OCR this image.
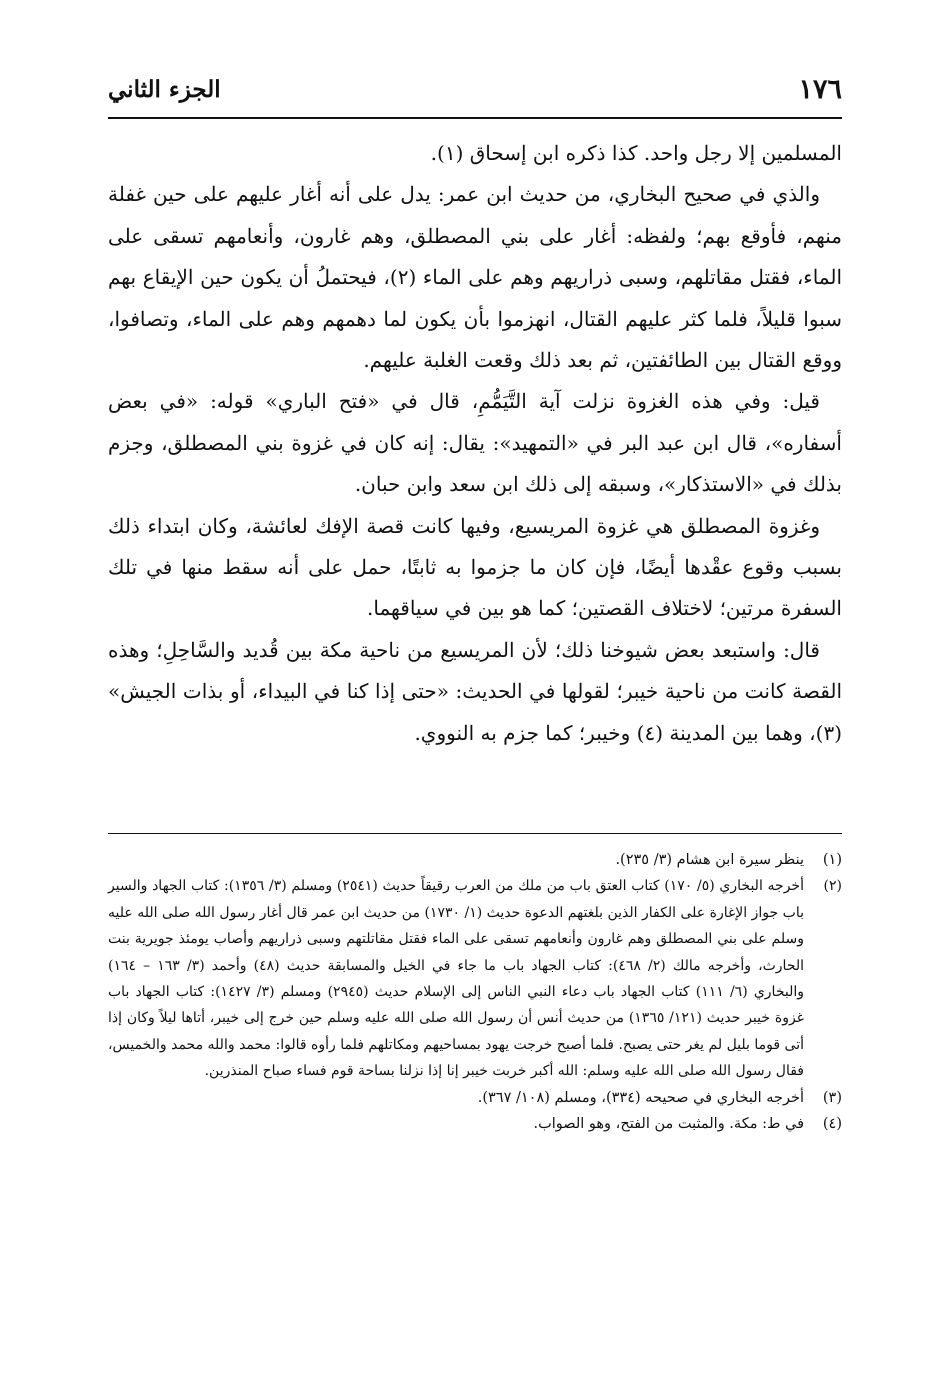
١٧٦
الجزء الثاني

المسلمين إلا رجل واحد. كذا ذكره ابن إسحاق (١).

والذي في صحيح البخاري، من حديث ابن عمر: يدل على أنه أغار عليهم على حين غفلة منهم، فأوقع بهم؛ ولفظه: أغار على بني المصطلق، وهم غارون، وأنعامهم تسقى على الماء، فقتل مقاتلهم، وسبى ذراريهم وهم على الماء (٢)، فيحتملُ أن يكون حين الإيقاع بهم سبوا قليلاً، فلما كثر عليهم القتال، انهزموا بأن يكون لما دهمهم وهم على الماء، وتصافوا، ووقع القتال بين الطائفتين، ثم بعد ذلك وقعت الغلبة عليهم.

قيل: وفي هذه الغزوة نزلت آية التَّيَمُّمِ، قال في «فتح الباري» قوله: «في بعض أسفاره»، قال ابن عبد البر في «التمهيد»: يقال: إنه كان في غزوة بني المصطلق، وجزم بذلك في «الاستذكار»، وسبقه إلى ذلك ابن سعد وابن حبان.

وغزوة المصطلق هي غزوة المريسيع، وفيها كانت قصة الإفك لعائشة، وكان ابتداء ذلك بسبب وقوع عقْدها أيضًا، فإن كان ما جزموا به ثابتًا، حمل على أنه سقط منها في تلك السفرة مرتين؛ لاختلاف القصتين؛ كما هو بين في سياقهما.

قال: واستبعد بعض شيوخنا ذلك؛ لأن المريسيع من ناحية مكة بين قُديد والسَّاحِلِ؛ وهذه القصة كانت من ناحية خيبر؛ لقولها في الحديث: «حتى إذا كنا في البيداء، أو بذات الجيش» (٣)، وهما بين المدينة (٤) وخيبر؛ كما جزم به النووي.

(١)
ينظر سيرة ابن هشام (٣/ ٢٣٥).
(٢)
أخرجه البخاري (٥/ ١٧٠) كتاب العتق باب من ملك من العرب رقيقاً حديث (٢٥٤١) ومسلم (٣/ ١٣٥٦): كتاب الجهاد والسير باب جواز الإغارة على الكفار الذين بلغتهم الدعوة حديث (١/ ١٧٣٠) من حديث ابن عمر قال أغار رسول الله صلى الله عليه وسلم على بني المصطلق وهم غارون وأنعامهم تسقى على الماء فقتل مقاتلتهم وسبى ذراريهم وأصاب يومئذ جويرية بنت الحارث، وأخرجه مالك (٢/ ٤٦٨): كتاب الجهاد باب ما جاء في الخيل والمسابقة حديث (٤٨) وأحمد (٣/ ١٦٣ – ١٦٤) والبخاري (٦/ ١١١) كتاب الجهاد باب دعاء النبي الناس إلى الإسلام حديث (٢٩٤٥) ومسلم (٣/ ١٤٢٧): كتاب الجهاد باب غزوة خيبر حديث (١٢١/ ١٣٦٥) من حديث أنس أن رسول الله صلى الله عليه وسلم حين خرج إلى خيبر، أتاها ليلاً وكان إذا أتى قوما بليل لم يغر حتى يصبح. فلما أصبح خرجت يهود بمساحيهم ومكاتلهم فلما رأوه قالوا: محمد والله محمد والخميس، فقال رسول الله صلى الله عليه وسلم: الله أكبر خربت خيبر إنا إذا نزلنا بساحة قوم فساء صباح المنذرين.
(٣)
أخرجه البخاري في صحيحه (٣٣٤)، ومسلم (١٠٨/ ٣٦٧).
(٤)
في ط: مكة. والمثبت من الفتح، وهو الصواب.
